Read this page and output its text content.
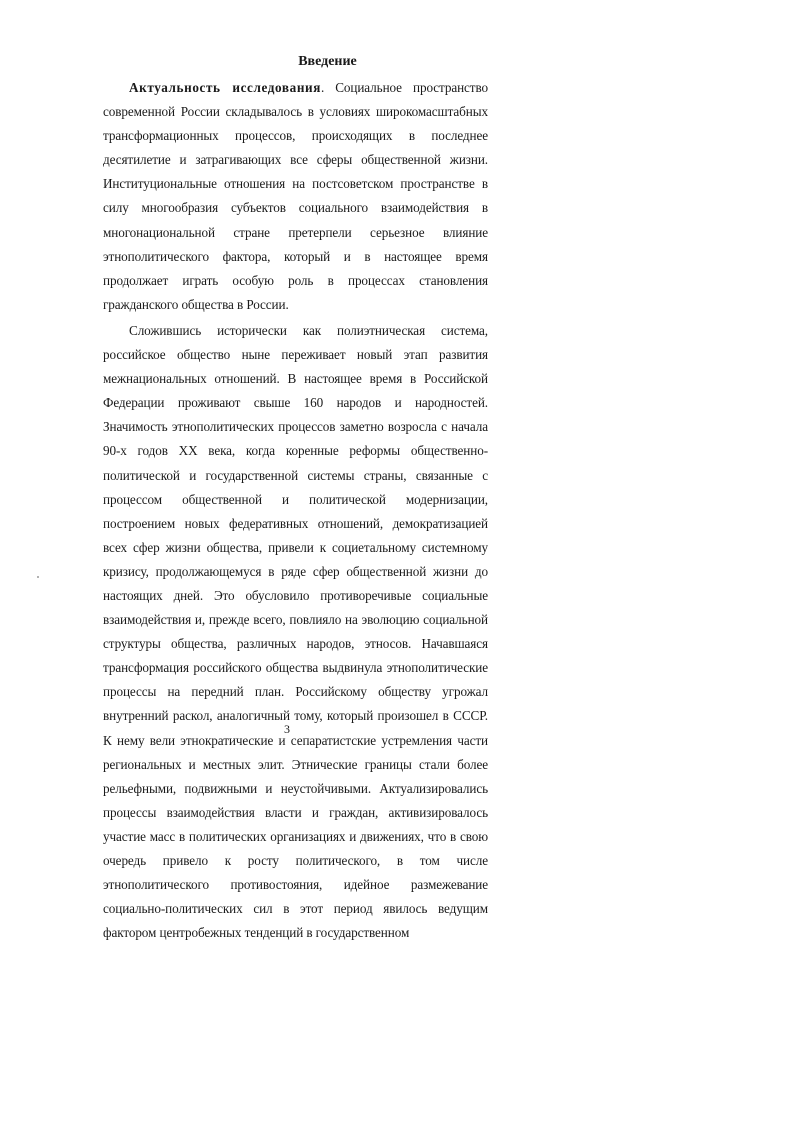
Введение

Актуальность исследования. Социальное пространство современной России складывалось в условиях широкомасштабных трансформационных процессов, происходящих в последнее десятилетие и затрагивающих все сферы общественной жизни. Институциональные отношения на постсоветском пространстве в силу многообразия субъектов социального взаимодействия в многонациональной стране претерпели серьезное влияние этнополитического фактора, который и в настоящее время продолжает играть особую роль в процессах становления гражданского общества в России.

Сложившись исторически как полиэтническая система, российское общество ныне переживает новый этап развития межнациональных отношений. В настоящее время в Российской Федерации проживают свыше 160 народов и народностей. Значимость этнополитических процессов заметно возросла с начала 90-х годов XX века, когда коренные реформы общественно-политической и государственной системы страны, связанные с процессом общественной и политической модернизации, построением новых федеративных отношений, демократизацией всех сфер жизни общества, привели к социетальному системному кризису, продолжающемуся в ряде сфер общественной жизни до настоящих дней. Это обусловило противоречивые социальные взаимодействия и, прежде всего, повлияло на эволюцию социальной структуры общества, различных народов, этносов. Начавшаяся трансформация российского общества выдвинула этнополитические процессы на передний план. Российскому обществу угрожал внутренний раскол, аналогичный тому, который произошел в СССР. К нему вели этнократические и сепаратистские устремления части региональных и местных элит. Этнические границы стали более рельефными, подвижными и неустойчивыми. Актуализировались процессы взаимодействия власти и граждан, активизировалось участие масс в политических организациях и движениях, что в свою очередь привело к росту политического, в том числе этнополитического противостояния, идейное размежевание социально-политических сил в этот период явилось ведущим фактором центробежных тенденций в государственном

3
